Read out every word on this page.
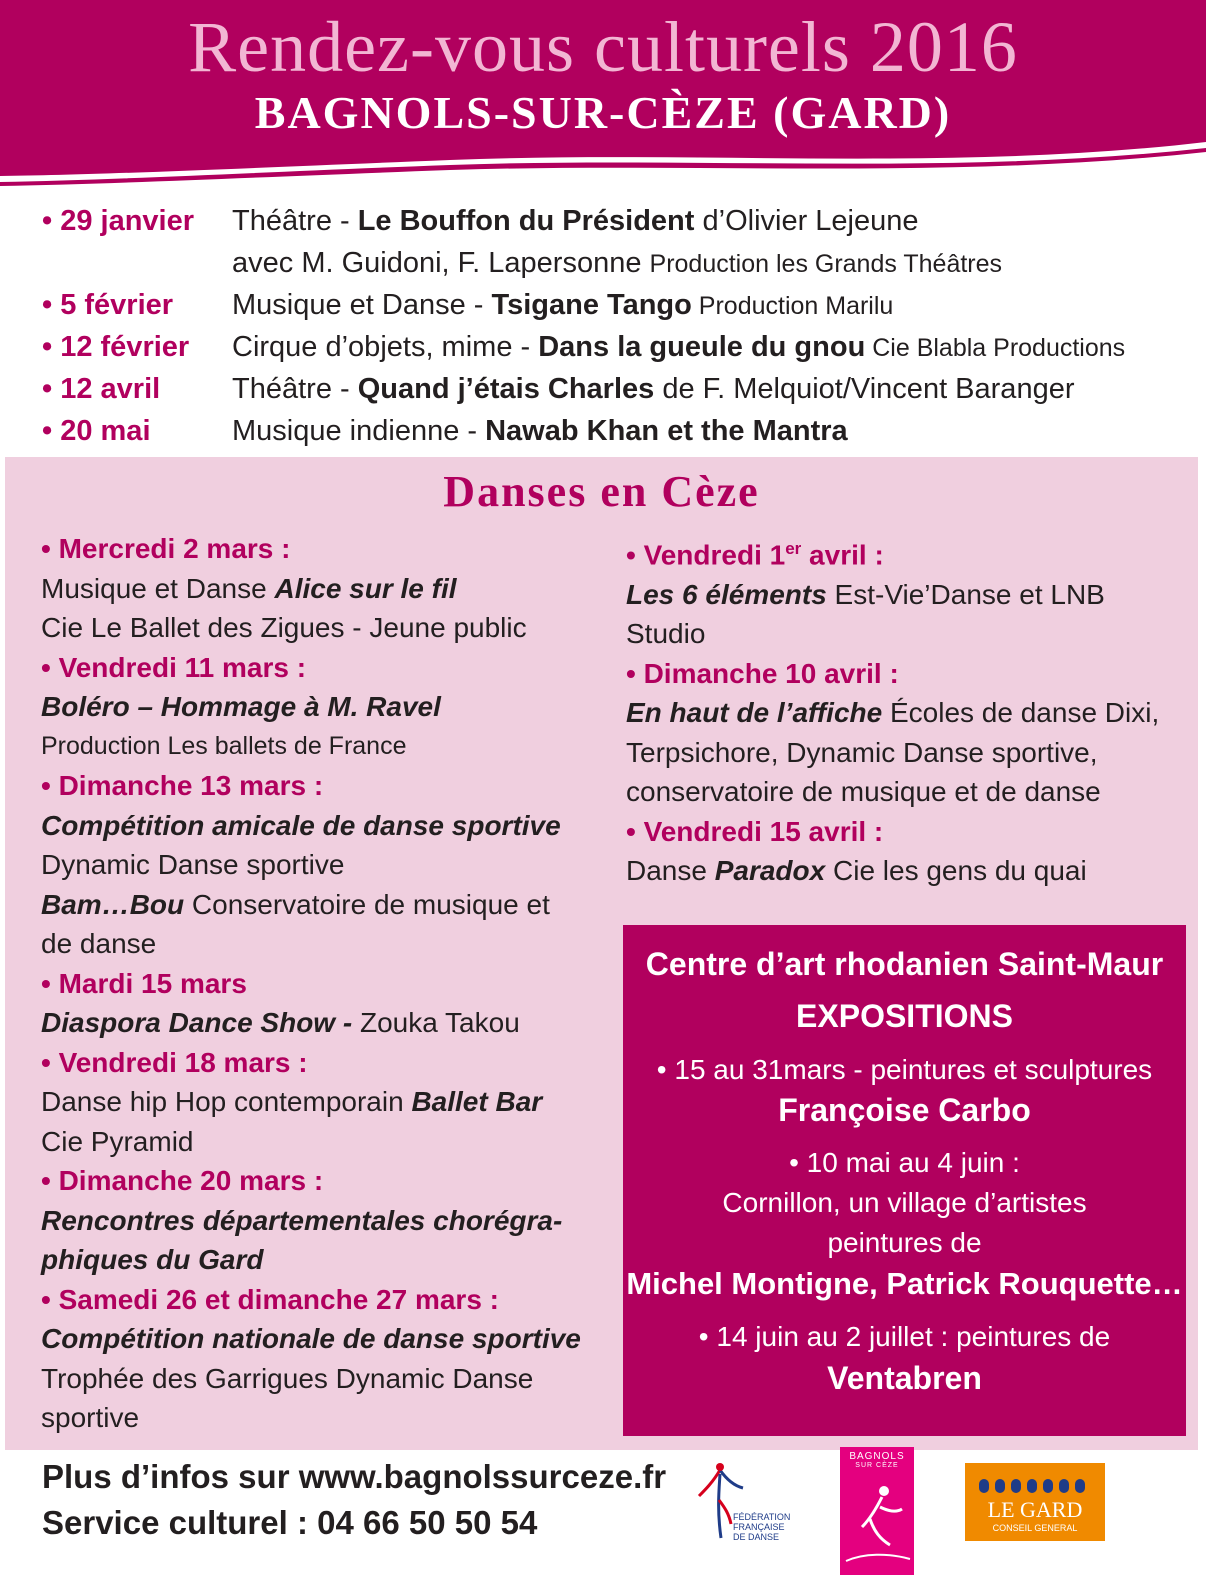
Rendez-vous culturels 2016
BAGNOLS-SUR-CÈZE (GARD)
• 29 janvier Théâtre - Le Bouffon du Président d’Olivier Lejeune
avec M. Guidoni, F. Lapersonne Production les Grands Théâtres
• 5 février Musique et Danse - Tsigane Tango Production Marilu
• 12 février Cirque d’objets, mime - Dans la gueule du gnou Cie Blabla Productions
• 12 avril Théâtre - Quand j’étais Charles de F. Melquiot/Vincent Baranger
• 20 mai	Musique indienne - Nawab Khan et the Mantra
Danses en Cèze
• Mercredi 2 mars :
Musique et Danse Alice sur le fil
Cie Le Ballet des Zigues - Jeune public
• Vendredi 11 mars :
Boléro – Hommage à M. Ravel
Production Les ballets de France
• Dimanche 13 mars :
Compétition amicale de danse sportive
Dynamic Danse sportive
Bam…Bou Conservatoire de musique et
de danse
• Mardi 15 mars
Diaspora Dance Show - Zouka Takou
• Vendredi 18 mars :
Danse hip Hop contemporain Ballet Bar
Cie Pyramid
• Dimanche 20 mars :
Rencontres départementales chorégra-
phiques du Gard
• Samedi 26 et dimanche 27 mars :
Compétition nationale de danse sportive
Trophée des Garrigues Dynamic Danse
sportive
• Vendredi 1er avril :
Les 6 éléments Est-Vie’Danse et LNB
Studio
• Dimanche 10 avril :
En haut de l’affiche Écoles de danse Dixi,
Terpsichore, Dynamic Danse sportive,
conservatoire de musique et de danse
• Vendredi 15 avril :
Danse Paradox Cie les gens du quai
Centre d’art rhodanien Saint-Maur
EXPOSITIONS
• 15 au 31mars - peintures et sculptures
Françoise Carbo
• 10 mai au 4 juin :
Cornillon, un village d’artistes
peintures de
Michel Montigne, Patrick Rouquette…
• 14 juin au 2 juillet : peintures de
Ventabren
Plus d’infos sur www.bagnolssurceze.fr
Service culturel : 04 66 50 50 54	FÉDÉRATION
FRANÇAISE
DE DANSE
BAGNOLS
SUR CÈZE
LE GARD
CONSEIL GENERAL
